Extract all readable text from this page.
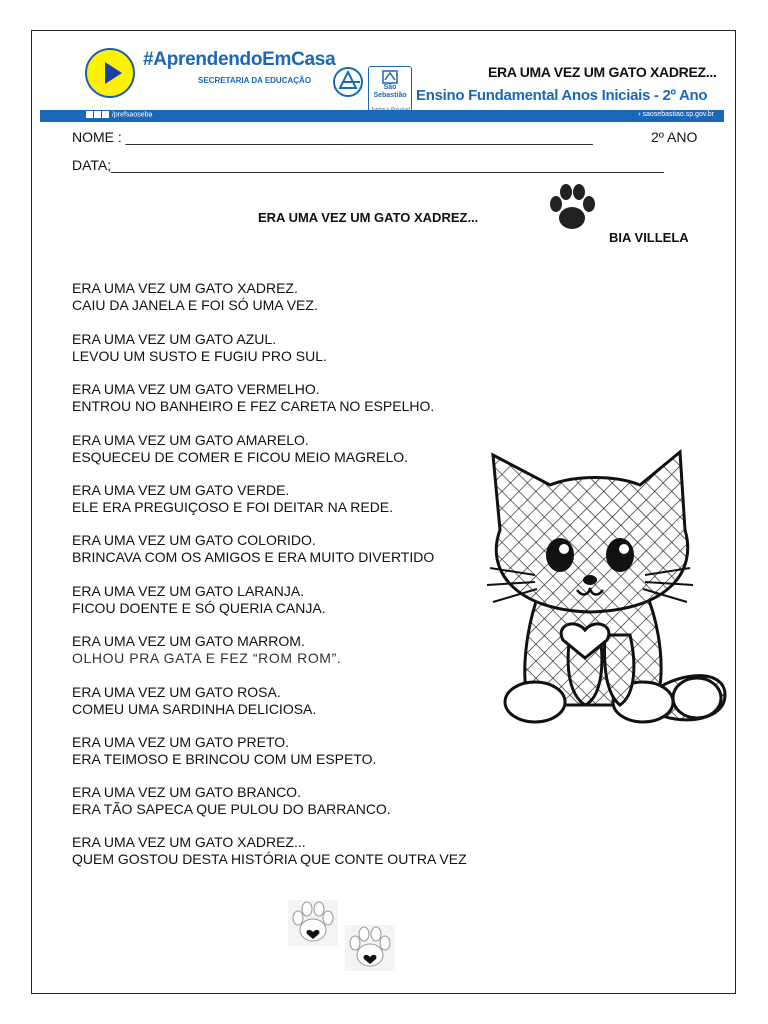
#AprendendoEmCasa
SECRETARIA DA EDUCAÇÃO
São Sebastião
ERA UMA VEZ UM GATO XADREZ...
Ensino Fundamental Anos Iniciais - 2º Ano
/prefsaoseba	› saosebastiao.sp.gov.br
NOME : ____________________________________________________________	2º ANO
DATA;_______________________________________________________________________
ERA UMA VEZ UM GATO XADREZ...
BIA VILLELA
ERA UMA VEZ UM GATO XADREZ.
CAIU DA JANELA E FOI SÓ UMA VEZ.
ERA UMA VEZ UM GATO AZUL.
LEVOU UM SUSTO E FUGIU PRO SUL.
ERA UMA VEZ UM GATO VERMELHO.
ENTROU NO BANHEIRO E FEZ CARETA NO ESPELHO.
ERA UMA VEZ UM GATO AMARELO.
ESQUECEU DE COMER E FICOU MEIO MAGRELO.
ERA UMA VEZ UM GATO VERDE.
ELE ERA PREGUIÇOSO E FOI DEITAR NA REDE.
ERA UMA VEZ UM GATO COLORIDO.
BRINCAVA COM OS AMIGOS E ERA MUITO DIVERTIDO
ERA UMA VEZ UM GATO LARANJA.
FICOU DOENTE E SÓ QUERIA CANJA.
ERA UMA VEZ UM GATO MARROM.
OLHOU PRA GATA E FEZ “ROM ROM”.
ERA UMA VEZ UM GATO ROSA.
COMEU UMA SARDINHA DELICIOSA.
ERA UMA VEZ UM GATO PRETO.
ERA TEIMOSO E BRINCOU COM UM ESPETO.
ERA UMA VEZ UM GATO BRANCO.
ERA TÃO SAPECA QUE PULOU DO BARRANCO.
ERA UMA VEZ UM GATO XADREZ...
QUEM GOSTOU DESTA HISTÓRIA QUE CONTE OUTRA VEZ
